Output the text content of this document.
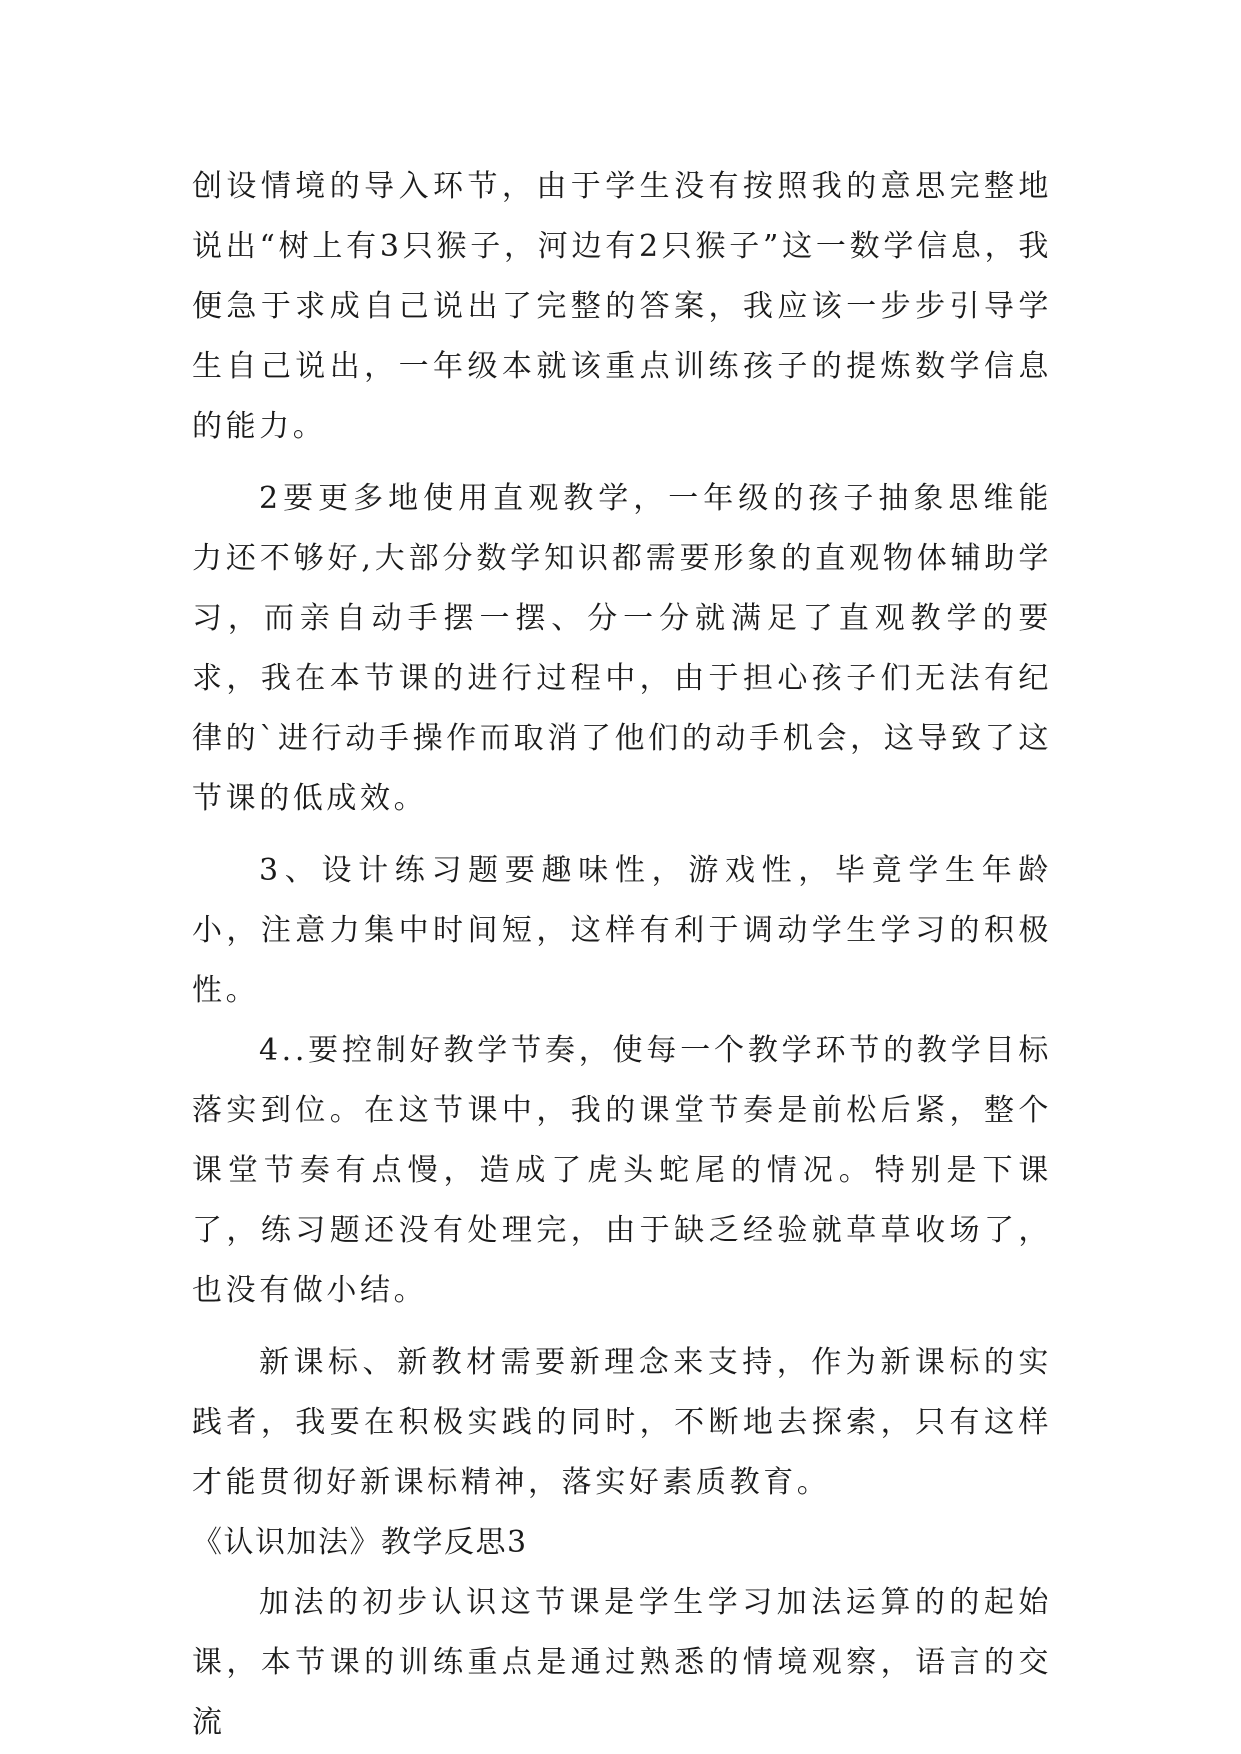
创设情境的导入环节，由于学生没有按照我的意思完整地说出“树上有3只猴子，河边有2只猴子”这一数学信息，我便急于求成自己说出了完整的答案，我应该一步步引导学生自己说出，一年级本就该重点训练孩子的提炼数学信息的能力。

2要更多地使用直观教学，一年级的孩子抽象思维能力还不够好,大部分数学知识都需要形象的直观物体辅助学习，而亲自动手摆一摆、分一分就满足了直观教学的要求，我在本节课的进行过程中，由于担心孩子们无法有纪律的`进行动手操作而取消了他们的动手机会，这导致了这节课的低成效。

3、设计练习题要趣味性，游戏性，毕竟学生年龄小，注意力集中时间短，这样有利于调动学生学习的积极性。

4..要控制好教学节奏，使每一个教学环节的教学目标落实到位。在这节课中，我的课堂节奏是前松后紧，整个课堂节奏有点慢，造成了虎头蛇尾的情况。特别是下课了，练习题还没有处理完，由于缺乏经验就草草收场了，也没有做小结。

新课标、新教材需要新理念来支持，作为新课标的实践者，我要在积极实践的同时，不断地去探索，只有这样才能贯彻好新课标精神，落实好素质教育。

《认识加法》教学反思3

加法的初步认识这节课是学生学习加法运算的的起始课，本节课的训练重点是通过熟悉的情境观察，语言的交流
